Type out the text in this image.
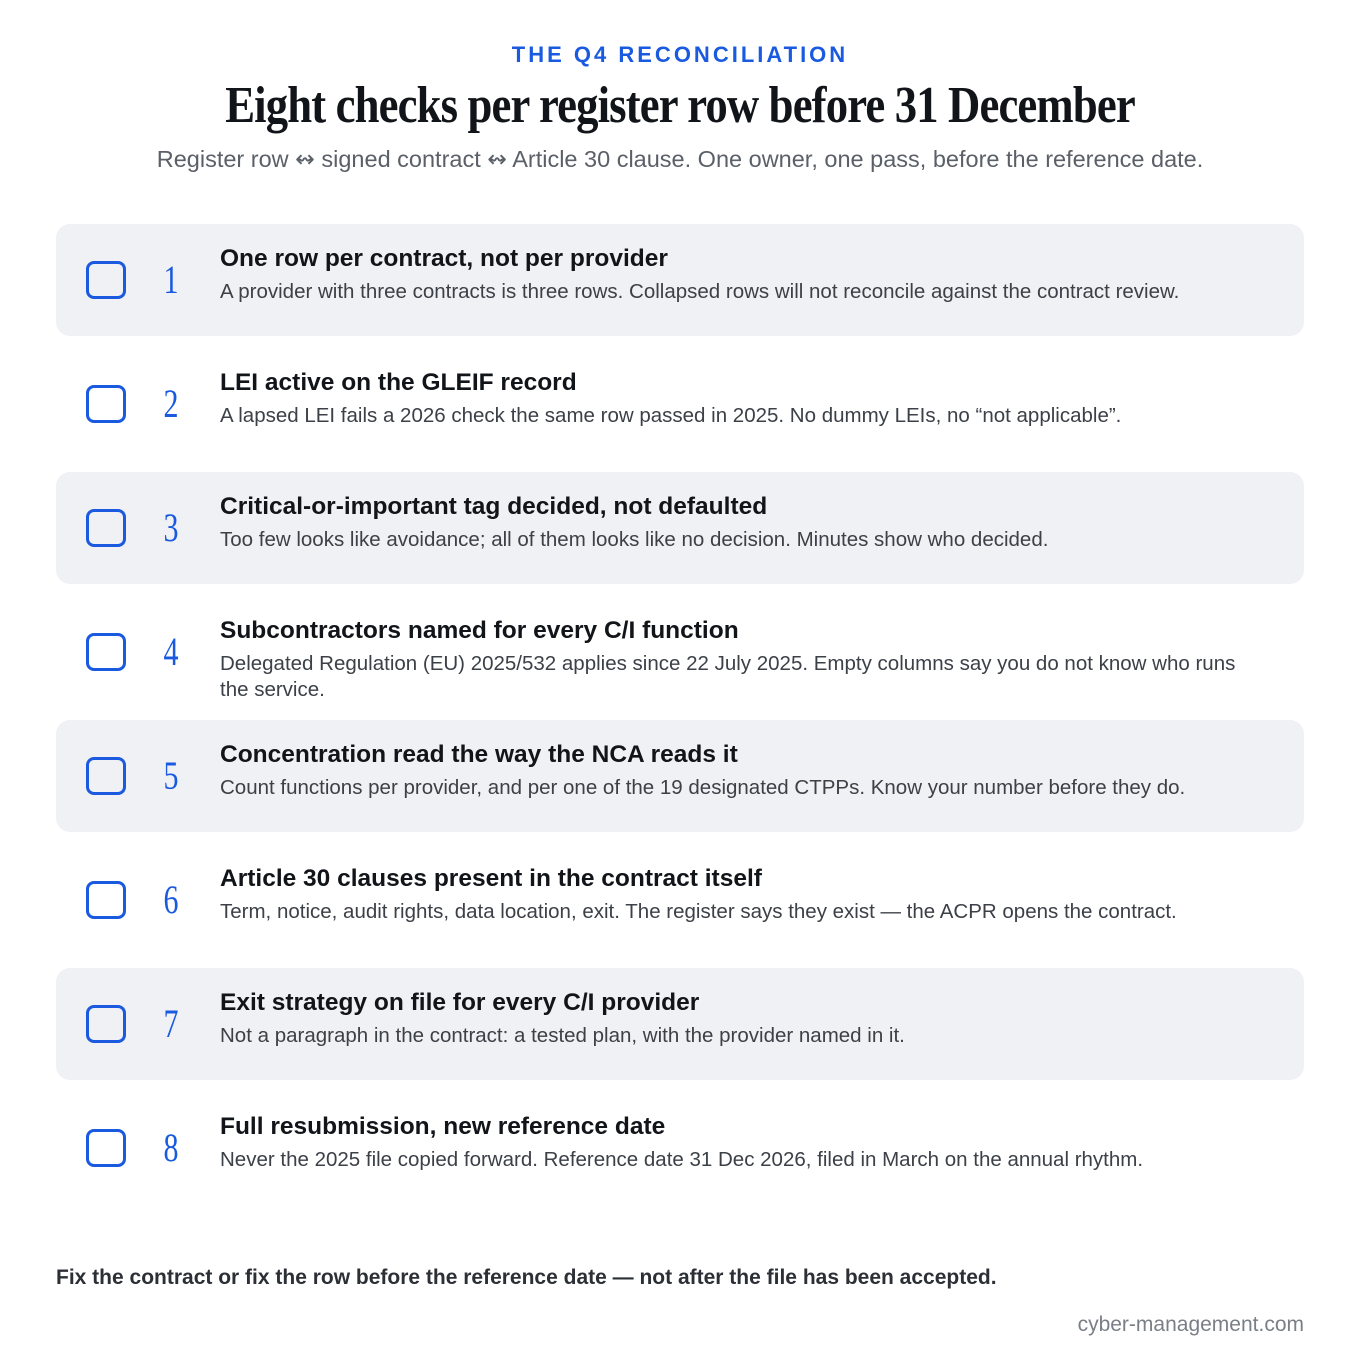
THE Q4 RECONCILIATION
Eight checks per register row before 31 December
Register row ↭ signed contract ↭ Article 30 clause. One owner, one pass, before the reference date.
1 One row per contract, not per provider
A provider with three contracts is three rows. Collapsed rows will not reconcile against the contract review.
2 LEI active on the GLEIF record
A lapsed LEI fails a 2026 check the same row passed in 2025. No dummy LEIs, no “not applicable”.
3 Critical-or-important tag decided, not defaulted
Too few looks like avoidance; all of them looks like no decision. Minutes show who decided.
4 Subcontractors named for every C/I function
Delegated Regulation (EU) 2025/532 applies since 22 July 2025. Empty columns say you do not know who runs the service.
5 Concentration read the way the NCA reads it
Count functions per provider, and per one of the 19 designated CTPPs. Know your number before they do.
6 Article 30 clauses present in the contract itself
Term, notice, audit rights, data location, exit. The register says they exist — the ACPR opens the contract.
7 Exit strategy on file for every C/I provider
Not a paragraph in the contract: a tested plan, with the provider named in it.
8 Full resubmission, new reference date
Never the 2025 file copied forward. Reference date 31 Dec 2026, filed in March on the annual rhythm.
Fix the contract or fix the row before the reference date — not after the file has been accepted.
cyber-management.com
